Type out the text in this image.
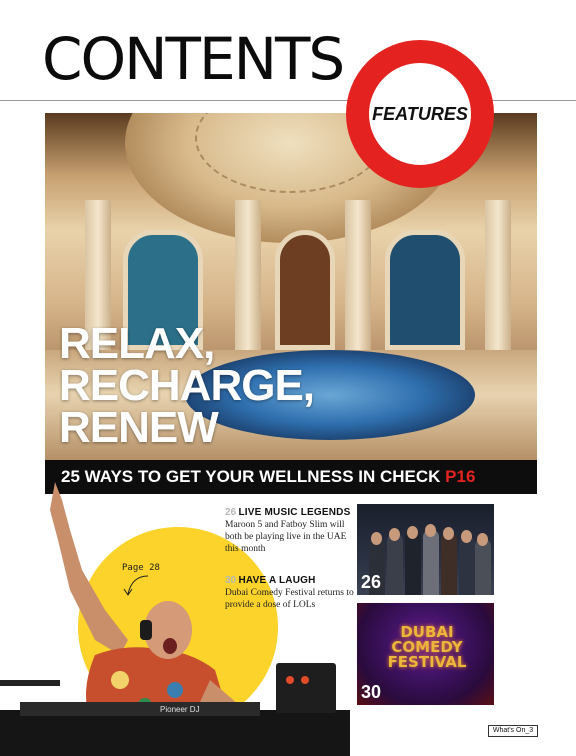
CONTENTS
RELAX,
RECHARGE,
RENEW
FEATURES
25 WAYS TO GET YOUR WELLNESS IN CHECK P16
Pioneer DJ
Page 28
26 LIVE MUSIC LEGENDS
Maroon 5 and Fatboy Slim will both be playing live in the UAE this month
30 HAVE A LAUGH
Dubai Comedy Festival returns to provide a dose of LOLs
26
DUBAI
COMEDY
FESTIVAL
30
What's On_3
